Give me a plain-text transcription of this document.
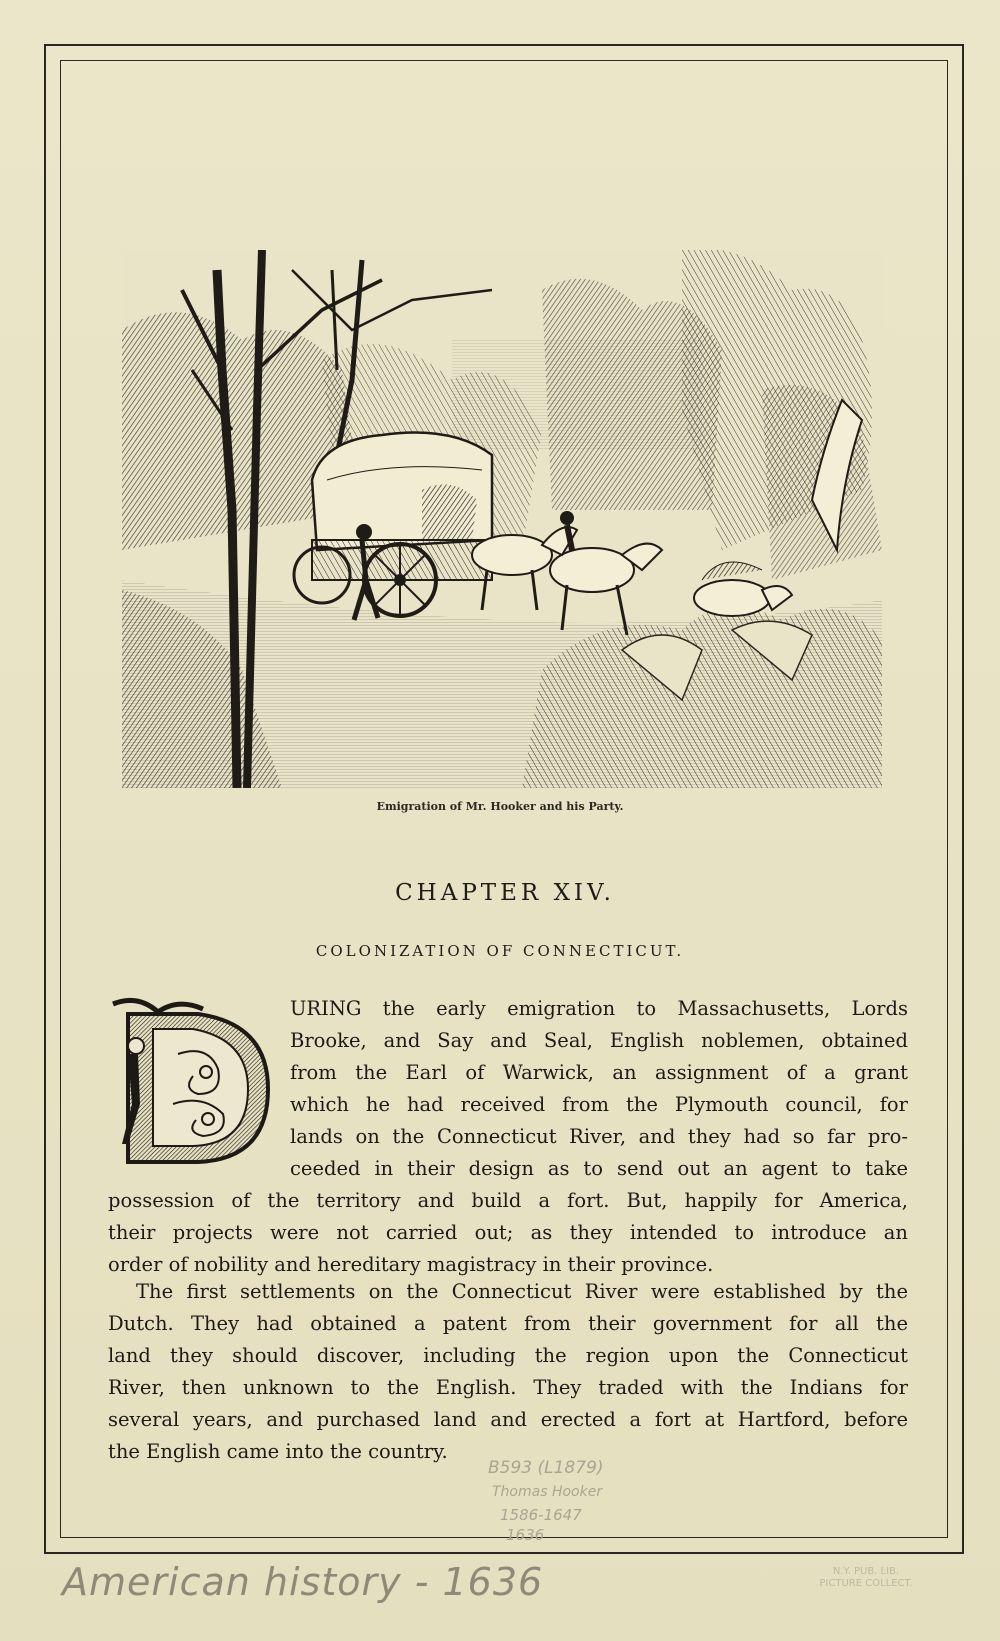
Emigration of Mr. Hooker and his Party.
CHAPTER XIV.
COLONIZATION OF CONNECTICUT.
URING the early emigration to Massachusetts, Lords
Brooke, and Say and Seal, English noblemen, obtained
from the Earl of Warwick, an assignment of a grant
which he had received from the Plymouth council, for
lands on the Connecticut River, and they had so far pro-
ceeded in their design as to send out an agent to take
possession of the territory and build a fort. But, happily for America,
their projects were not carried out; as they intended to introduce an
order of nobility and hereditary magistracy in their province.
The first settlements on the Connecticut River were established by the
Dutch. They had obtained a patent from their government for all the
land they should discover, including the region upon the Connecticut
River, then unknown to the English. They traded with the Indians for
several years, and purchased land and erected a fort at Hartford, before
the English came into the country.
B593 (L1879)
Thomas Hooker
1586-1647
1636
American history - 1636	N.Y. PUB. LIB.
PICTURE COLLECT.
